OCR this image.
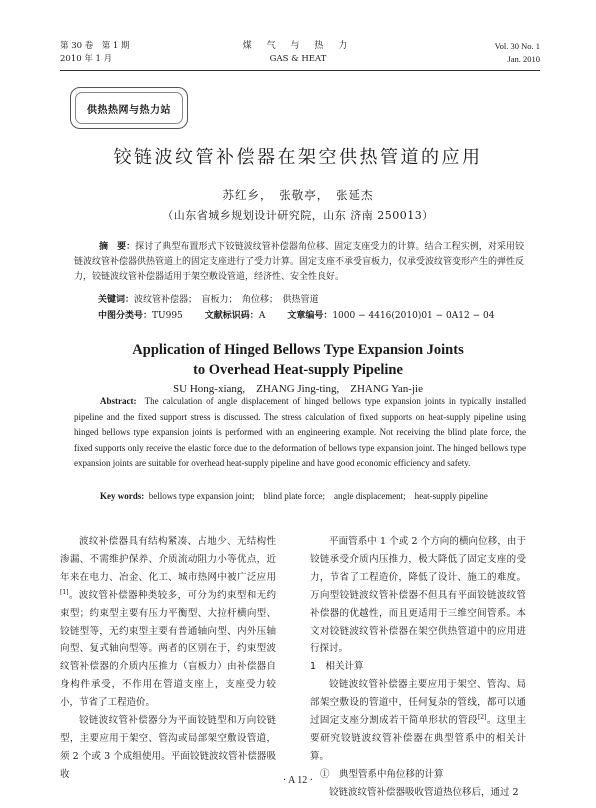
第 30 卷　第 1 期
2010 年 1 月
煤 气 与 热 力
GAS & HEAT
Vol. 30 No. 1
Jan. 2010
供热热网与热力站
铰链波纹管补偿器在架空供热管道的应用
苏红乡，　张敬亭，　张延杰
（山东省城乡规划设计研究院，山东 济南 250013）
摘　要：探讨了典型布置形式下铰链波纹管补偿器角位移、固定支座受力的计算。结合工程实例，对采用铰链波纹管补偿器供热管道上的固定支座进行了受力计算。固定支座不承受盲板力，仅承受波纹管变形产生的弹性反力，铰链波纹管补偿器适用于架空敷设管道，经济性、安全性良好。
关键词：波纹管补偿器；　盲板力；　角位移；　供热管道
中图分类号：TU995 文献标识码：A 文章编号：1000 − 4416(2010)01 − 0A12 − 04
Application of Hinged Bellows Type Expansion Joints
to Overhead Heat-supply Pipeline
SU Hong-xiang,　ZHANG Jing-ting,　ZHANG Yan-jie
Abstract: The calculation of angle displacement of hinged bellows type expansion joints in typically installed pipeline and the fixed support stress is discussed. The stress calculation of fixed supports on heat-supply pipeline using hinged bellows type expansion joints is performed with an engineering example. Not receiving the blind plate force, the fixed supports only receive the elastic force due to the deformation of bellows type expansion joint. The hinged bellows type expansion joints are suitable for overhead heat-supply pipeline and have good economic efficiency and safety.
Key words: bellows type expansion joint;　blind plate force;　angle displacement;　heat-supply pipeline

波纹补偿器具有结构紧凑、占地少、无结构性渗漏、不需维护保养、介质流动阻力小等优点，近年来在电力、冶金、化工、城市热网中被广泛应用[1]。波纹管补偿器种类较多，可分为约束型和无约束型；约束型主要有压力平衡型、大拉杆横向型、铰链型等，无约束型主要有普通轴向型、内外压轴向型、复式轴向型等。两者的区别在于，约束型波纹管补偿器的介质内压推力（盲板力）由补偿器自身构件承受，不作用在管道支座上，支座受力较小，节省了工程造价。

铰链波纹管补偿器分为平面铰链型和万向铰链型，主要应用于架空、管沟或局部架空敷设管道，须 2 个或 3 个成组使用。平面铰链波纹管补偿器吸收

平面管系中 1 个或 2 个方向的横向位移，由于铰链承受介质内压推力，极大降低了固定支座的受力，节省了工程造价，降低了设计、施工的难度。万向型铰链波纹管补偿器不但具有平面铰链波纹管补偿器的优越性，而且更适用于三维空间管系。本文对铰链波纹管补偿器在架空供热管道中的应用进行探讨。

1　相关计算

铰链波纹管补偿器主要应用于架空、管沟、局部架空敷设的管道中，任何复杂的管线，都可以通过固定支座分割成若干简单形状的管段[2]。这里主要研究铰链波纹管补偿器在典型管系中的相关计算。

①　典型管系中角位移的计算

铰链波纹管补偿器吸收管道热位移后，通过 2

· A 12 ·
